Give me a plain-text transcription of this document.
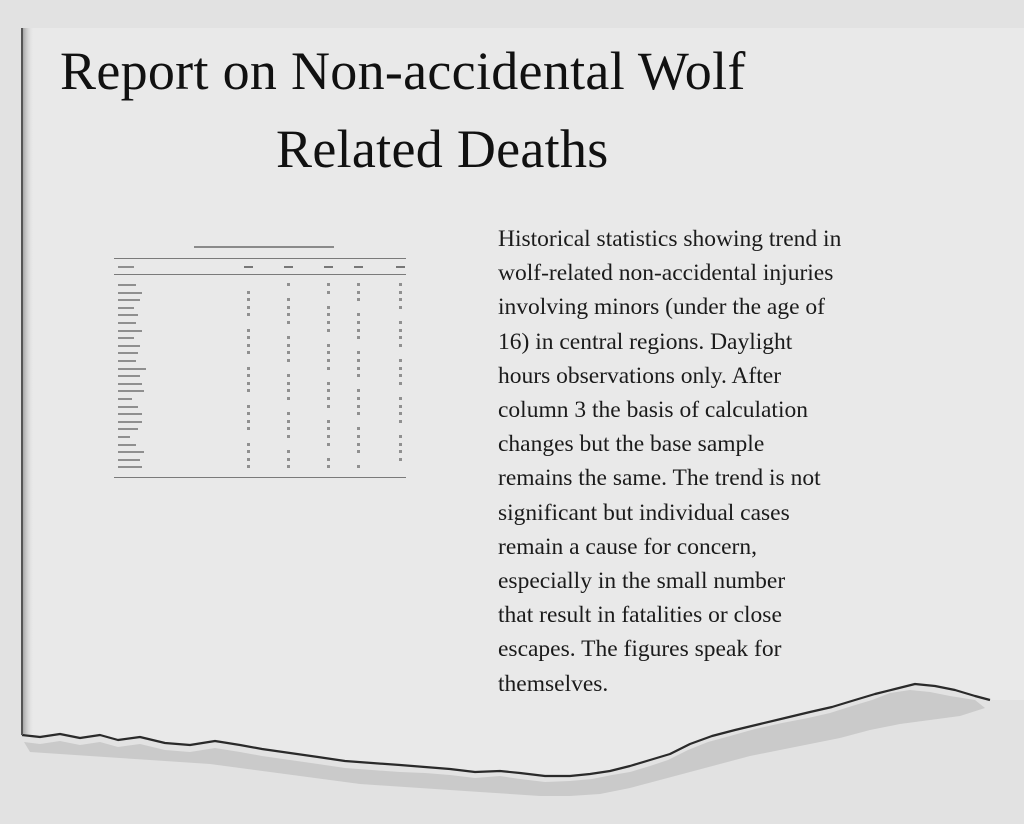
Report on Non-accidental Wolf
Related Deaths
Historical statistics showing trend in
wolf-related non-accidental injuries
involving minors (under the age of
16) in central regions. Daylight
hours observations only. After
column 3 the basis of calculation
changes but the base sample
remains the same. The trend is not
significant but individual cases
remain a cause for concern,
especially in the small number
that result in fatalities or close
escapes. The figures speak for
themselves.
